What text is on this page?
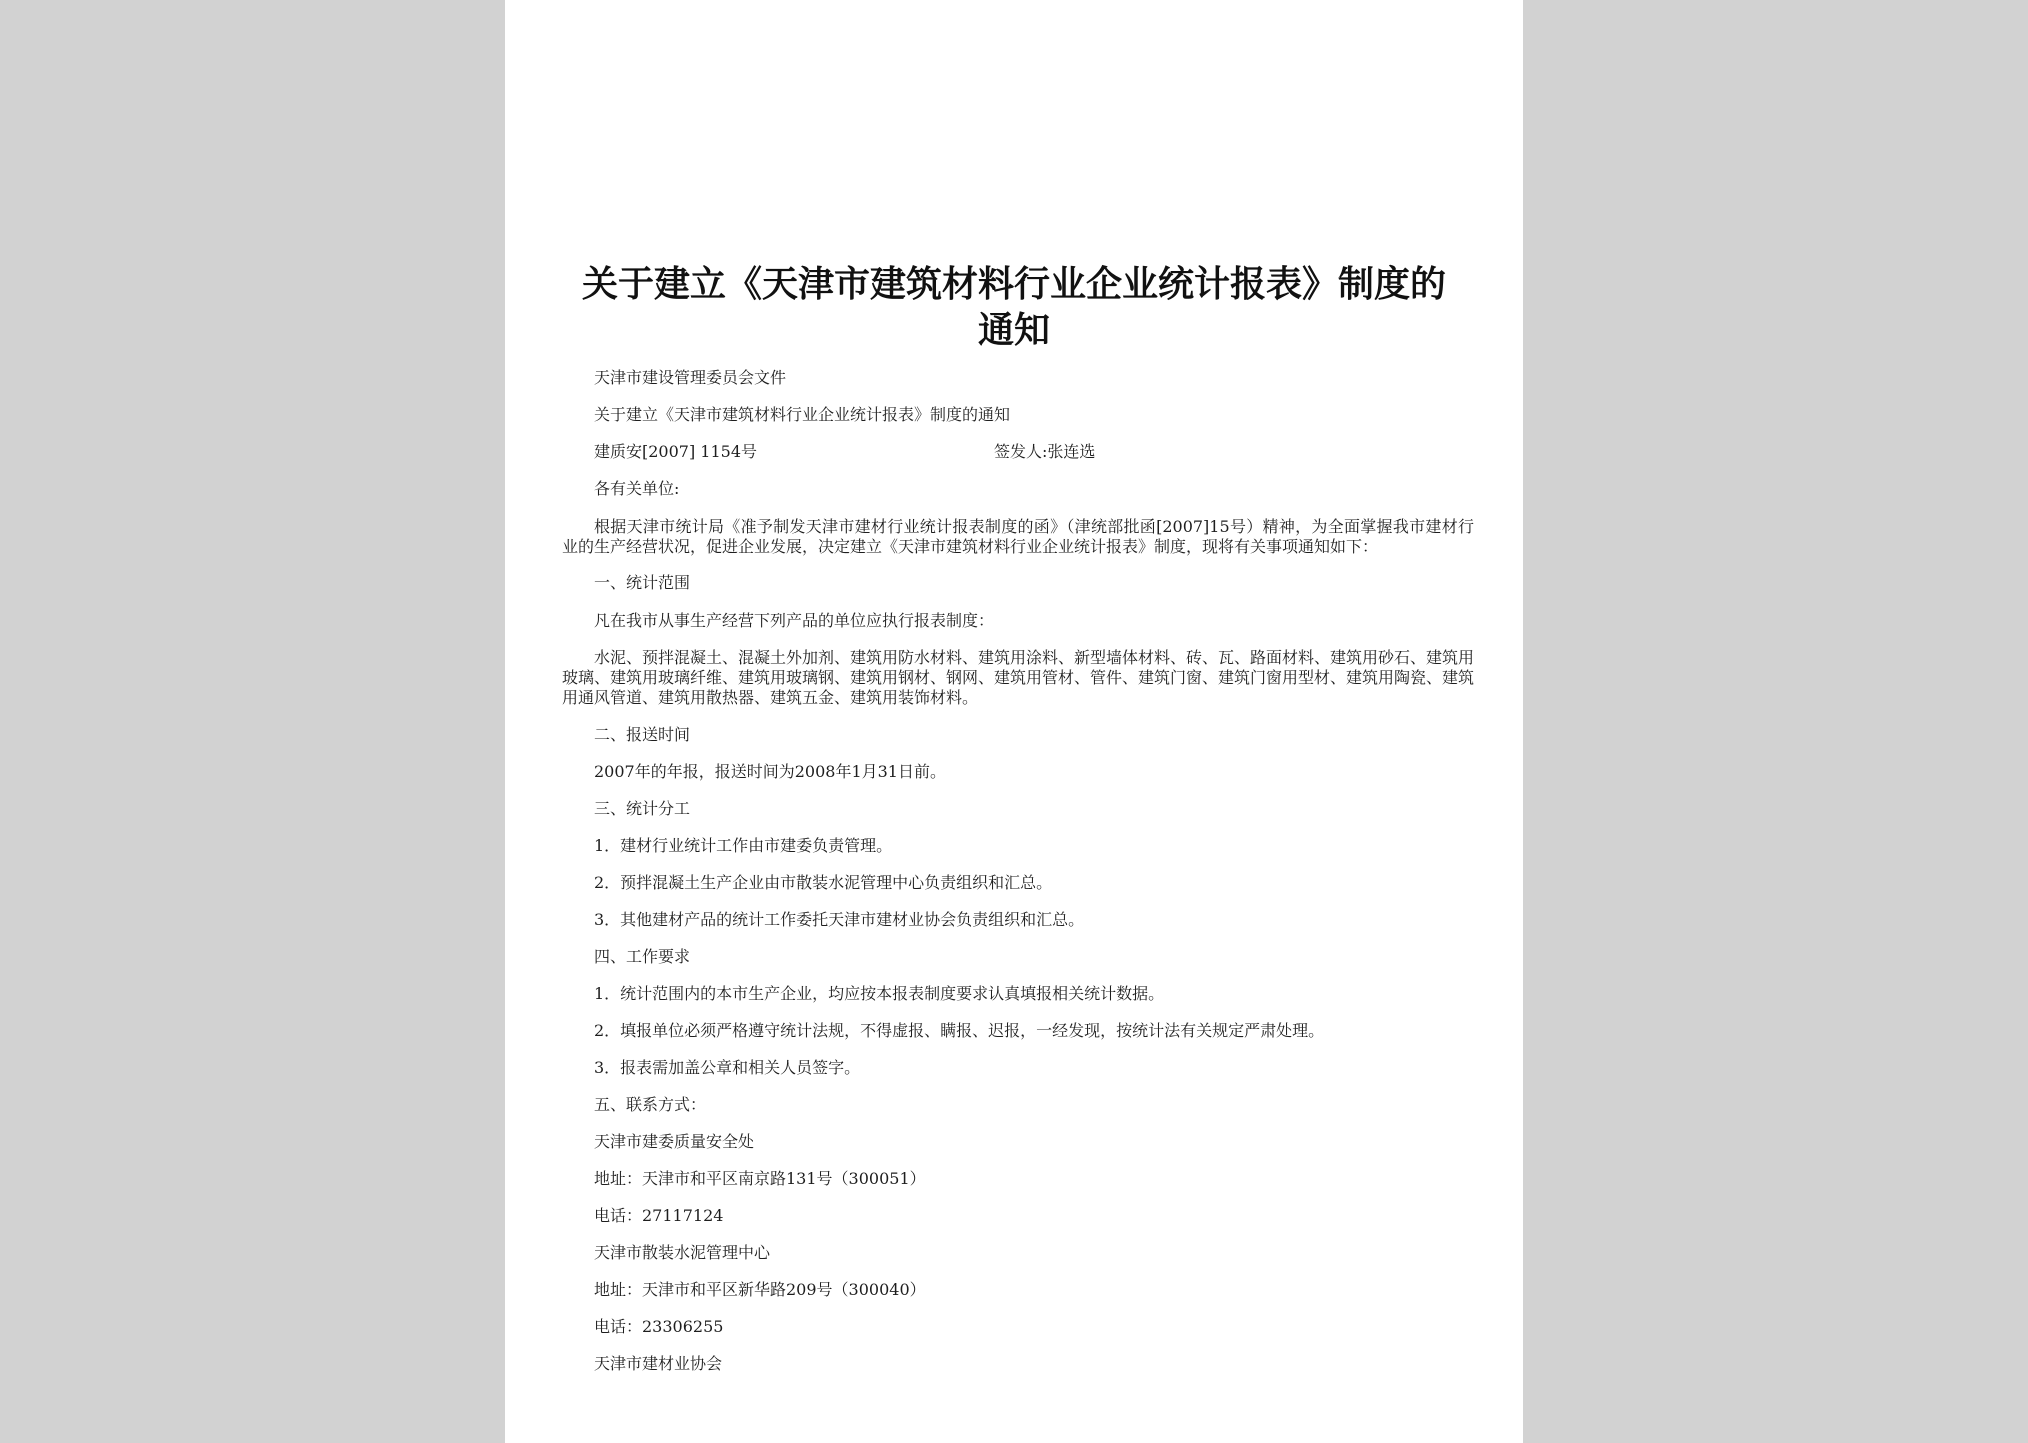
关于建立《天津市建筑材料行业企业统计报表》制度的
通知

天津市建设管理委员会文件

关于建立《天津市建筑材料行业企业统计报表》制度的通知

建质安[2007] 1154号	签发人:张连选

各有关单位:

根据天津市统计局《准予制发天津市建材行业统计报表制度的函》（津统部批函[2007]15号）精神，为全面掌握我市建材行业的生产经营状况，促进企业发展，决定建立《天津市建筑材料行业企业统计报表》制度，现将有关事项通知如下：

一、统计范围

凡在我市从事生产经营下列产品的单位应执行报表制度：

水泥、预拌混凝土、混凝土外加剂、建筑用防水材料、建筑用涂料、新型墙体材料、砖、瓦、路面材料、建筑用砂石、建筑用玻璃、建筑用玻璃纤维、建筑用玻璃钢、建筑用钢材、钢网、建筑用管材、管件、建筑门窗、建筑门窗用型材、建筑用陶瓷、建筑用通风管道、建筑用散热器、建筑五金、建筑用装饰材料。

二、报送时间

2007年的年报，报送时间为2008年1月31日前。

三、统计分工

1．建材行业统计工作由市建委负责管理。

2．预拌混凝土生产企业由市散装水泥管理中心负责组织和汇总。

3．其他建材产品的统计工作委托天津市建材业协会负责组织和汇总。

四、工作要求

1．统计范围内的本市生产企业，均应按本报表制度要求认真填报相关统计数据。

2．填报单位必须严格遵守统计法规，不得虚报、瞒报、迟报，一经发现，按统计法有关规定严肃处理。

3．报表需加盖公章和相关人员签字。

五、联系方式：

天津市建委质量安全处

地址：天津市和平区南京路131号（300051）

电话：27117124

天津市散装水泥管理中心

地址：天津市和平区新华路209号（300040）

电话：23306255

天津市建材业协会
